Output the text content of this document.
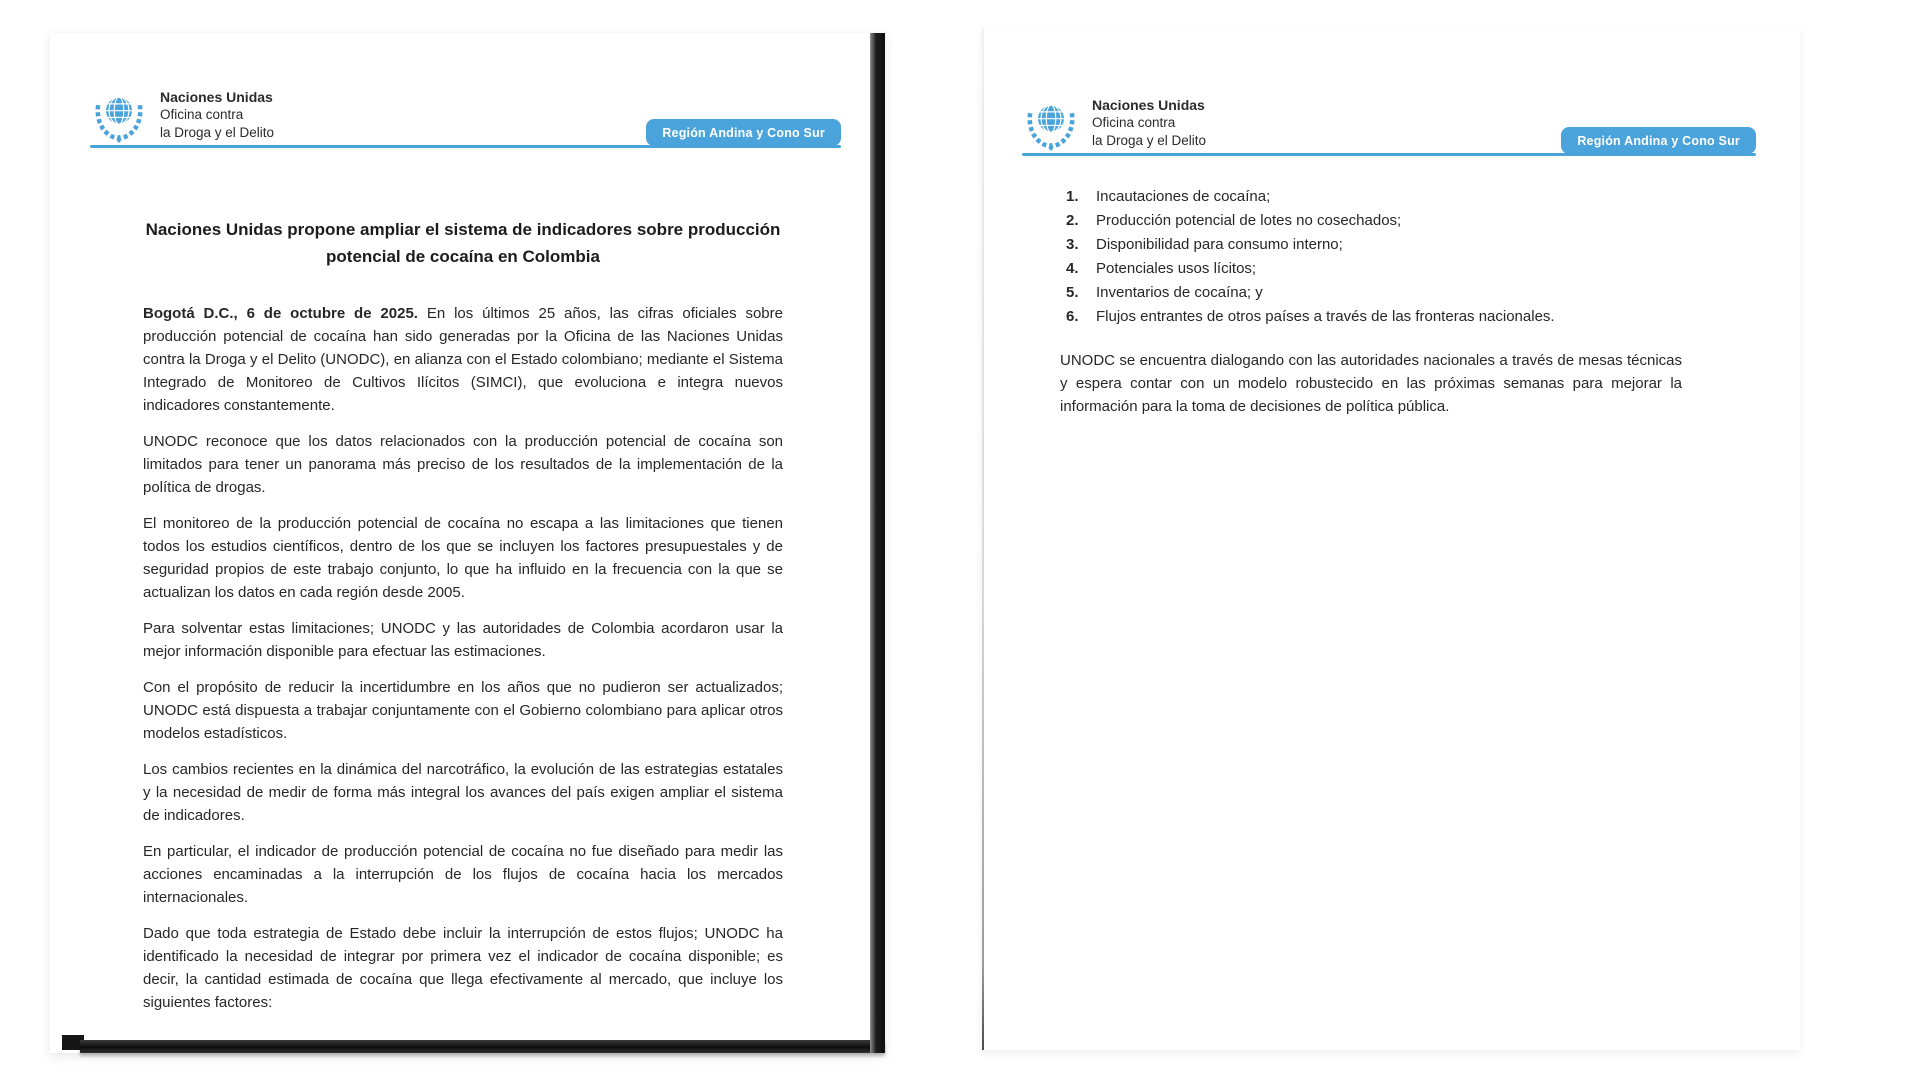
Naciones Unidas
Oficina contra
la Droga y el Delito	Región Andina y Cono Sur
Naciones Unidas propone ampliar el sistema de indicadores sobre producción potencial de cocaína en Colombia

Bogotá D.C., 6 de octubre de 2025. En los últimos 25 años, las cifras oficiales sobre producción potencial de cocaína han sido generadas por la Oficina de las Naciones Unidas contra la Droga y el Delito (UNODC), en alianza con el Estado colombiano; mediante el Sistema Integrado de Monitoreo de Cultivos Ilícitos (SIMCI), que evoluciona e integra nuevos indicadores constantemente.

UNODC reconoce que los datos relacionados con la producción potencial de cocaína son limitados para tener un panorama más preciso de los resultados de la implementación de la política de drogas.

El monitoreo de la producción potencial de cocaína no escapa a las limitaciones que tienen todos los estudios científicos, dentro de los que se incluyen los factores presupuestales y de seguridad propios de este trabajo conjunto, lo que ha influido en la frecuencia con la que se actualizan los datos en cada región desde 2005.

Para solventar estas limitaciones; UNODC y las autoridades de Colombia acordaron usar la mejor información disponible para efectuar las estimaciones.

Con el propósito de reducir la incertidumbre en los años que no pudieron ser actualizados; UNODC está dispuesta a trabajar conjuntamente con el Gobierno colombiano para aplicar otros modelos estadísticos.

Los cambios recientes en la dinámica del narcotráfico, la evolución de las estrategias estatales y la necesidad de medir de forma más integral los avances del país exigen ampliar el sistema de indicadores.

En particular, el indicador de producción potencial de cocaína no fue diseñado para medir las acciones encaminadas a la interrupción de los flujos de cocaína hacia los mercados internacionales.

Dado que toda estrategia de Estado debe incluir la interrupción de estos flujos; UNODC ha identificado la necesidad de integrar por primera vez el indicador de cocaína disponible; es decir, la cantidad estimada de cocaína que llega efectivamente al mercado, que incluye los siguientes factores:

Naciones Unidas
Oficina contra
la Droga y el Delito	Región Andina y Cono Sur
1.	Incautaciones de cocaína;
2.	Producción potencial de lotes no cosechados;
3.	Disponibilidad para consumo interno;
4.	Potenciales usos lícitos;
5.	Inventarios de cocaína; y
6.	Flujos entrantes de otros países a través de las fronteras nacionales.

UNODC se encuentra dialogando con las autoridades nacionales a través de mesas técnicas y espera contar con un modelo robustecido en las próximas semanas para mejorar la información para la toma de decisiones de política pública.
